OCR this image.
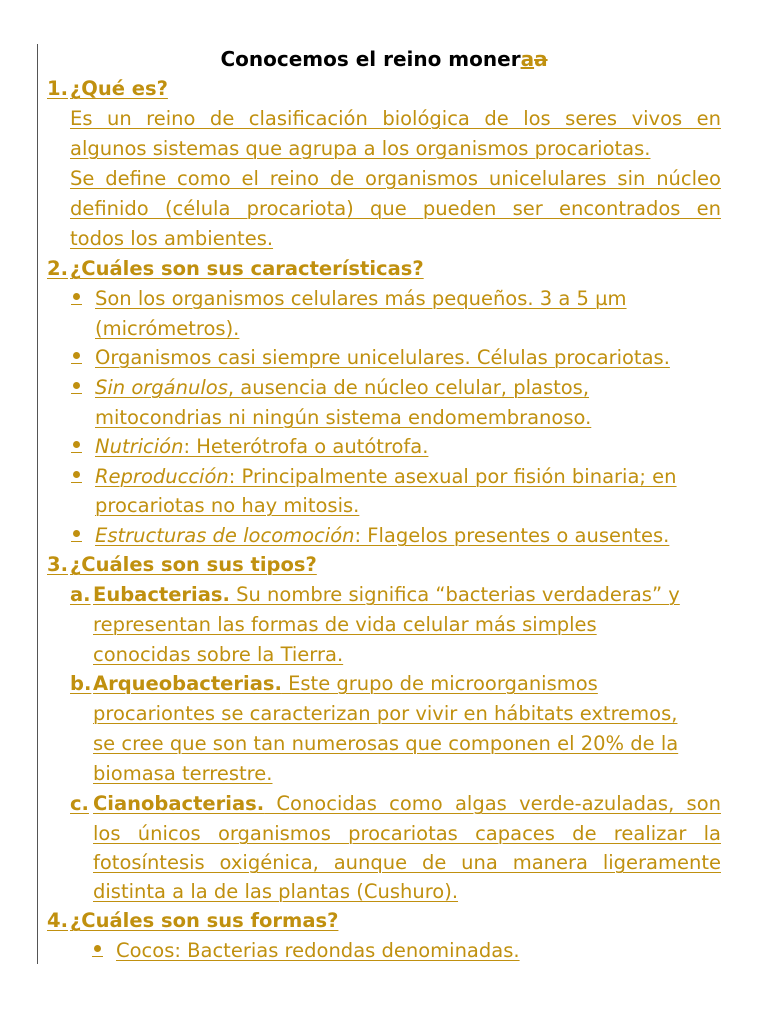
Conocemos el reino moneraa
1. ¿Qué es?
Es un reino de clasificación biológica de los seres vivos en
algunos sistemas que agrupa a los organismos procariotas.
Se define como el reino de organismos unicelulares sin núcleo
definido (célula procariota) que pueden ser encontrados en
todos los ambientes.
2. ¿Cuáles son sus características?
Son los organismos celulares más pequeños. 3 a 5 µm
(micrómetros).
Organismos casi siempre unicelulares. Células procariotas.
Sin orgánulos, ausencia de núcleo celular, plastos,
mitocondrias ni ningún sistema endomembranoso.
Nutrición: Heterótrofa o autótrofa.
Reproducción: Principalmente asexual por fisión binaria; en
procariotas no hay mitosis.
Estructuras de locomoción: Flagelos presentes o ausentes.
3. ¿Cuáles son sus tipos?
a. Eubacterias. Su nombre significa “bacterias verdaderas” y
representan las formas de vida celular más simples
conocidas sobre la Tierra.
b. Arqueobacterias. Este grupo de microorganismos
procariontes se caracterizan por vivir en hábitats extremos,
se cree que son tan numerosas que componen el 20% de la
biomasa terrestre.
c. Cianobacterias. Conocidas como algas verde-azuladas, son
los únicos organismos procariotas capaces de realizar la
fotosíntesis oxigénica, aunque de una manera ligeramente
distinta a la de las plantas (Cushuro).
4. ¿Cuáles son sus formas?
Cocos: Bacterias redondas denominadas.
